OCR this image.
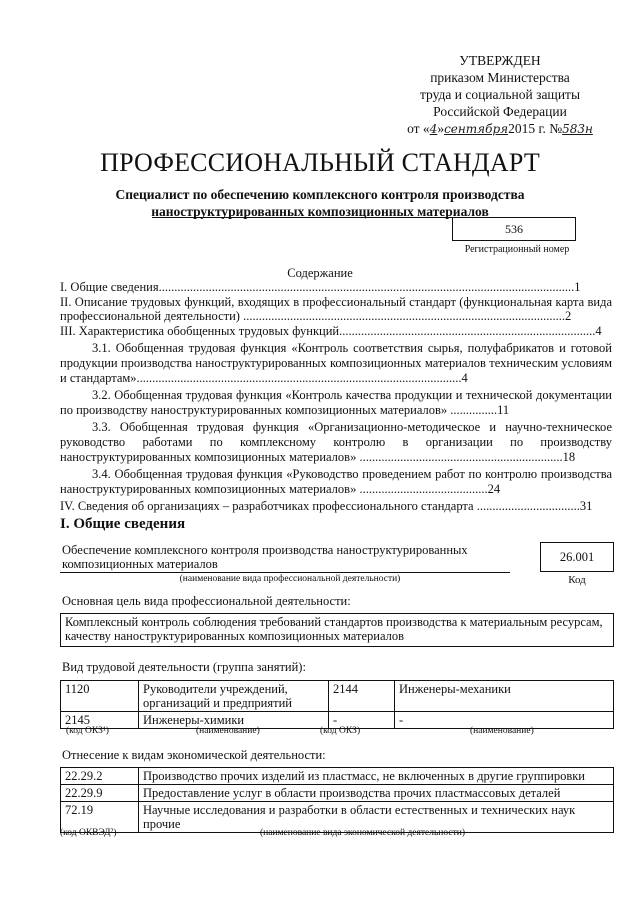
УТВЕРЖДЕН
приказом Министерства
труда и социальной защиты
Российской Федерации
от «4»сентября2015 г. №583н
ПРОФЕССИОНАЛЬНЫЙ СТАНДАРТ
Специалист по обеспечению комплексного контроля производства
наноструктурированных композиционных материалов
536
Регистрационный номер
Содержание

I. Общие сведения.....................................................................................................................................1

II. Описание трудовых функций, входящих в профессиональный стандарт (функциональная карта вида профессиональной деятельности) .......................................................................................................2

III. Характеристика обобщенных трудовых функций..................................................................................4

3.1. Обобщенная трудовая функция «Контроль соответствия сырья, полуфабрикатов и готовой продукции производства наноструктурированных композиционных материалов техническим условиям и стандартам»........................................................................................................4

3.2. Обобщенная трудовая функция «Контроль качества продукции и технической документации по производству наноструктурированных композиционных материалов» ...............11

3.3. Обобщенная трудовая функция «Организационно-методическое и научно-техническое руководство работами по комплексному контролю в организации по производству наноструктурированных композиционных материалов» .................................................................18

3.4. Обобщенная трудовая функция «Руководство проведением работ по контролю производства наноструктурированных композиционных материалов» .........................................24

IV. Сведения об организациях – разработчиках профессионального стандарта .................................31

I. Общие сведения
Обеспечение комплексного контроля производства наноструктурированных композиционных материалов	26.001
(наименование вида профессиональной деятельности)	Код
Основная цель вида профессиональной деятельности:
Комплексный контроль соблюдения требований стандартов производства к материальным ресурсам, качеству наноструктурированных композиционных материалов
Вид трудовой деятельности (группа занятий):
1120	Руководители учреждений, организаций и предприятий	2144	Инженеры-механики
2145	Инженеры-химики	-	-
(код ОКЗ¹)	(наименование)	(код ОКЗ)	(наименование)
Отнесение к видам экономической деятельности:
22.29.2	Производство прочих изделий из пластмасс, не включенных в другие группировки
22.29.9	Предоставление услуг в области производства прочих пластмассовых деталей
72.19	Научные исследования и разработки в области естественных и технических наук прочие
(код ОКВЭД²)	(наименование вида экономической деятельности)
